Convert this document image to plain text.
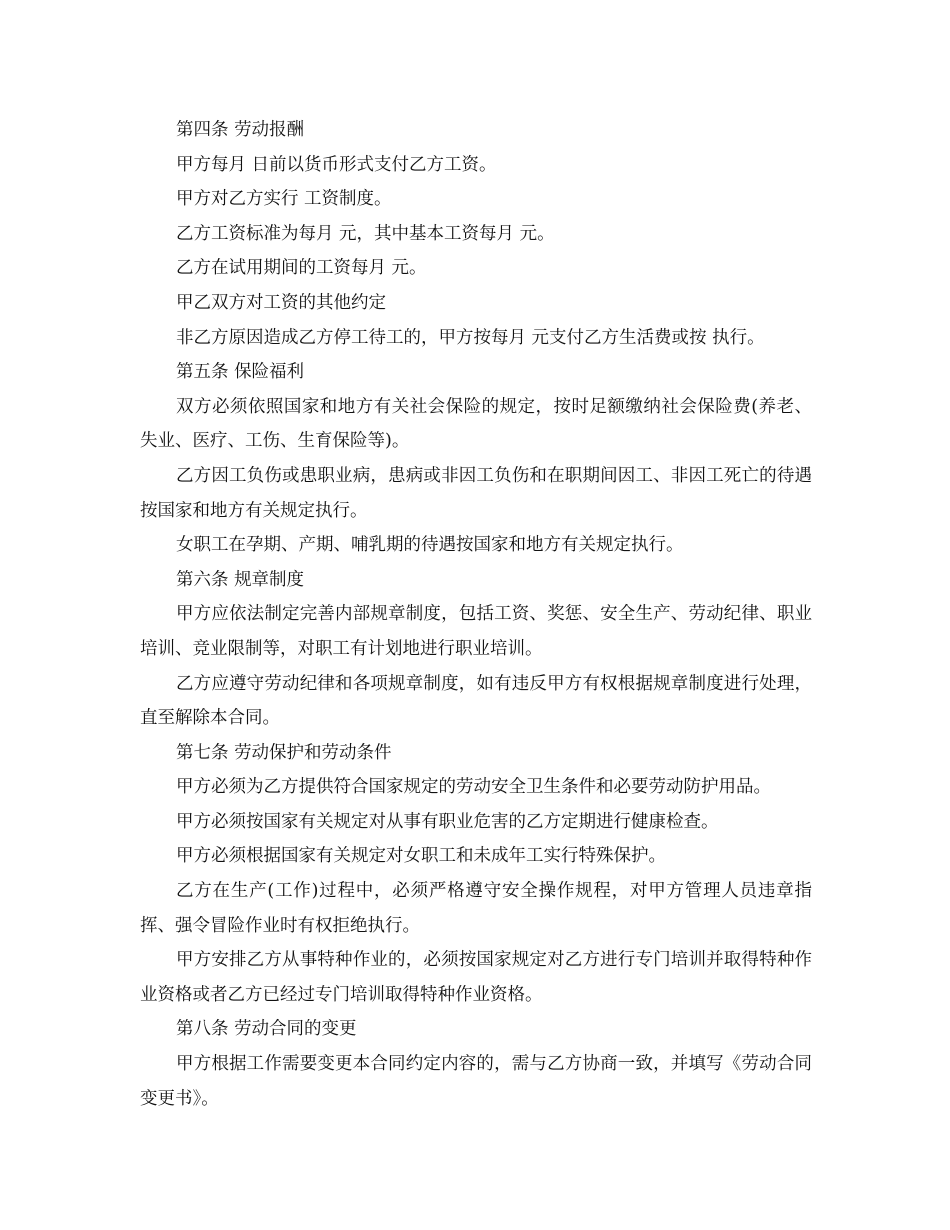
第四条 劳动报酬

甲方每月 日前以货币形式支付乙方工资。

甲方对乙方实行 工资制度。

乙方工资标准为每月 元，其中基本工资每月 元。

乙方在试用期间的工资每月 元。

甲乙双方对工资的其他约定

非乙方原因造成乙方停工待工的，甲方按每月 元支付乙方生活费或按 执行。

第五条 保险福利

双方必须依照国家和地方有关社会保险的规定，按时足额缴纳社会保险费(养老、失业、医疗、工伤、生育保险等)。

乙方因工负伤或患职业病，患病或非因工负伤和在职期间因工、非因工死亡的待遇按国家和地方有关规定执行。

女职工在孕期、产期、哺乳期的待遇按国家和地方有关规定执行。

第六条 规章制度

甲方应依法制定完善内部规章制度，包括工资、奖惩、安全生产、劳动纪律、职业培训、竞业限制等，对职工有计划地进行职业培训。

乙方应遵守劳动纪律和各项规章制度，如有违反甲方有权根据规章制度进行处理，直至解除本合同。

第七条 劳动保护和劳动条件

甲方必须为乙方提供符合国家规定的劳动安全卫生条件和必要劳动防护用品。

甲方必须按国家有关规定对从事有职业危害的乙方定期进行健康检查。

甲方必须根据国家有关规定对女职工和未成年工实行特殊保护。

乙方在生产(工作)过程中，必须严格遵守安全操作规程，对甲方管理人员违章指挥、强令冒险作业时有权拒绝执行。

甲方安排乙方从事特种作业的，必须按国家规定对乙方进行专门培训并取得特种作业资格或者乙方已经过专门培训取得特种作业资格。

第八条 劳动合同的变更

甲方根据工作需要变更本合同约定内容的，需与乙方协商一致，并填写《劳动合同变更书》。
